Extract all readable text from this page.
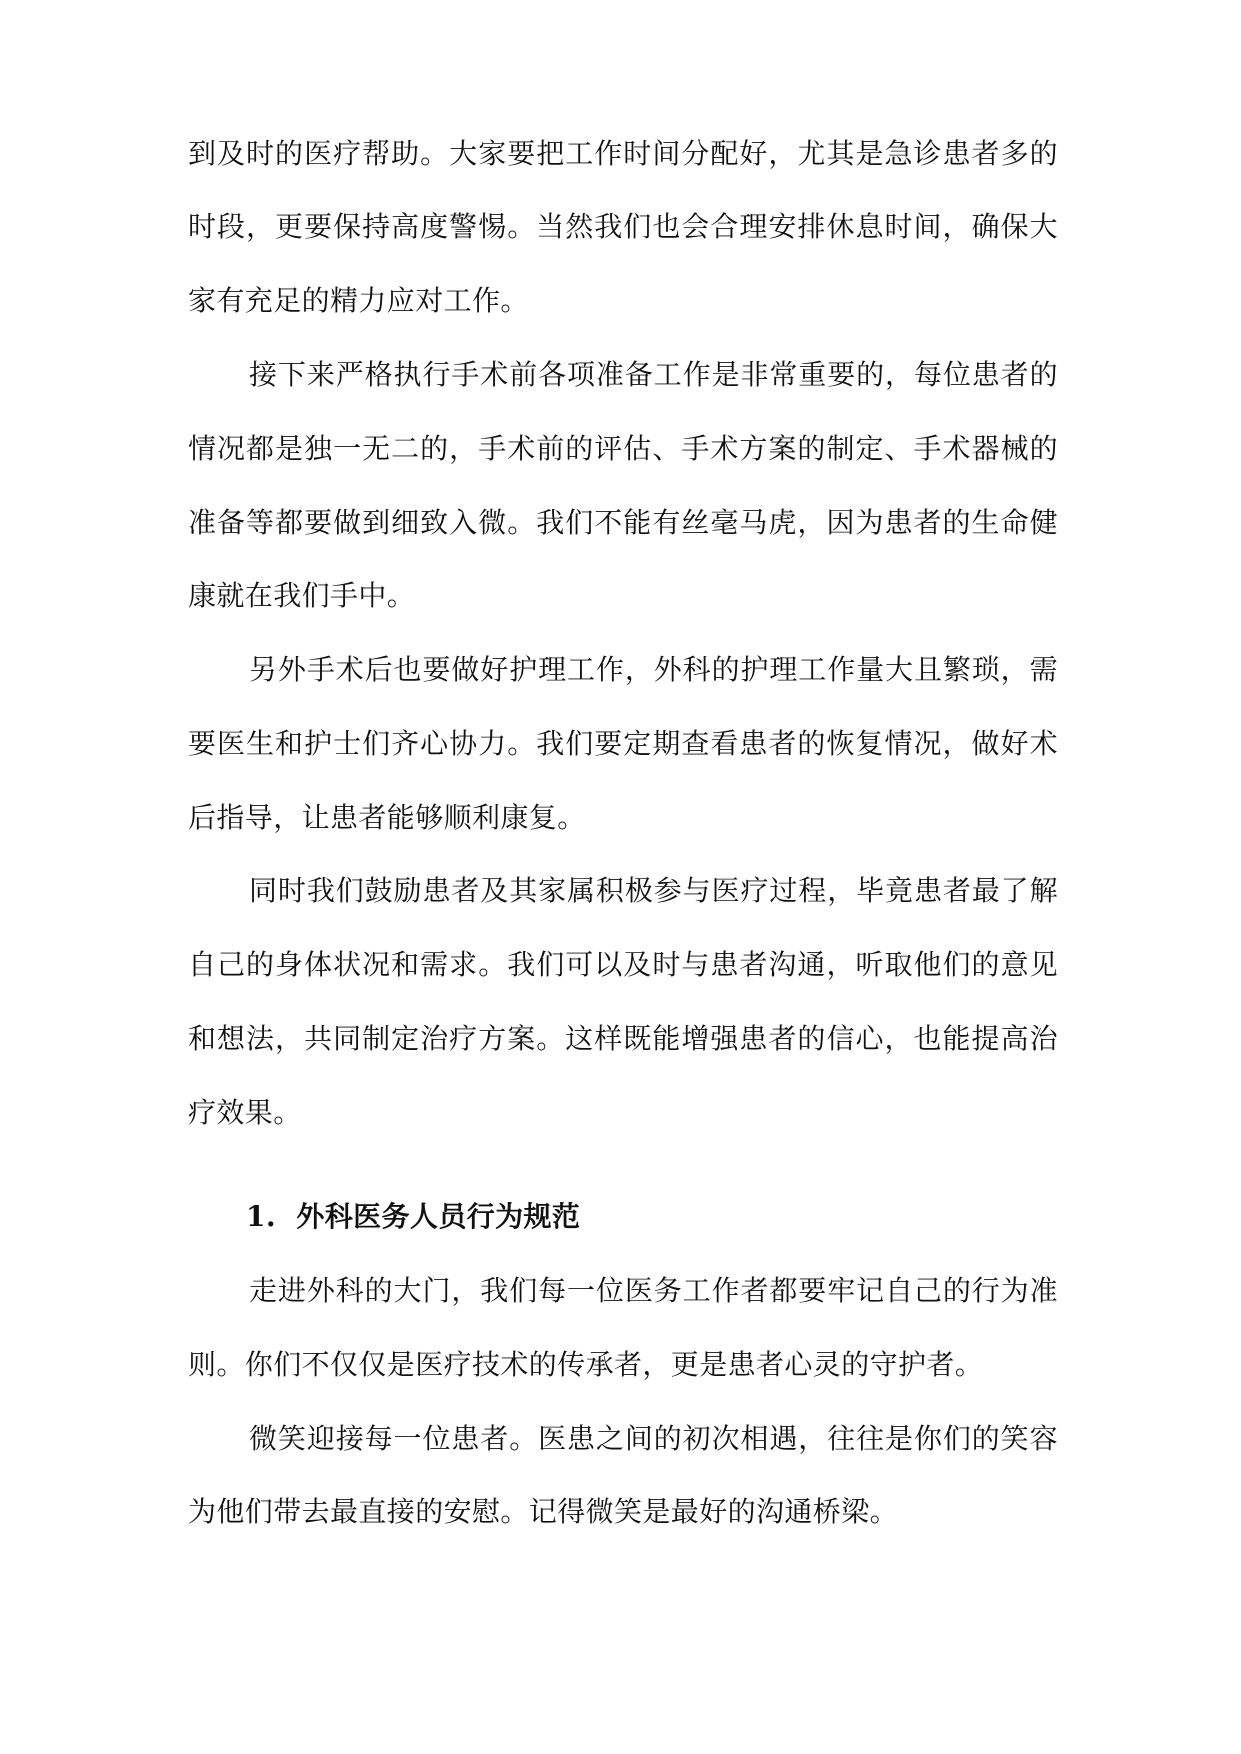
到及时的医疗帮助。大家要把工作时间分配好，尤其是急诊患者多的
时段，更要保持高度警惕。当然我们也会合理安排休息时间，确保大
家有充足的精力应对工作。
接下来严格执行手术前各项准备工作是非常重要的，每位患者的
情况都是独一无二的，手术前的评估、手术方案的制定、手术器械的
准备等都要做到细致入微。我们不能有丝毫马虎，因为患者的生命健
康就在我们手中。
另外手术后也要做好护理工作，外科的护理工作量大且繁琐，需
要医生和护士们齐心协力。我们要定期查看患者的恢复情况，做好术
后指导，让患者能够顺利康复。
同时我们鼓励患者及其家属积极参与医疗过程，毕竟患者最了解
自己的身体状况和需求。我们可以及时与患者沟通，听取他们的意见
和想法，共同制定治疗方案。这样既能增强患者的信心，也能提高治
疗效果。
1.  外科医务人员行为规范
走进外科的大门，我们每一位医务工作者都要牢记自己的行为准
则。你们不仅仅是医疗技术的传承者，更是患者心灵的守护者。
微笑迎接每一位患者。医患之间的初次相遇，往往是你们的笑容
为他们带去最直接的安慰。记得微笑是最好的沟通桥梁。
